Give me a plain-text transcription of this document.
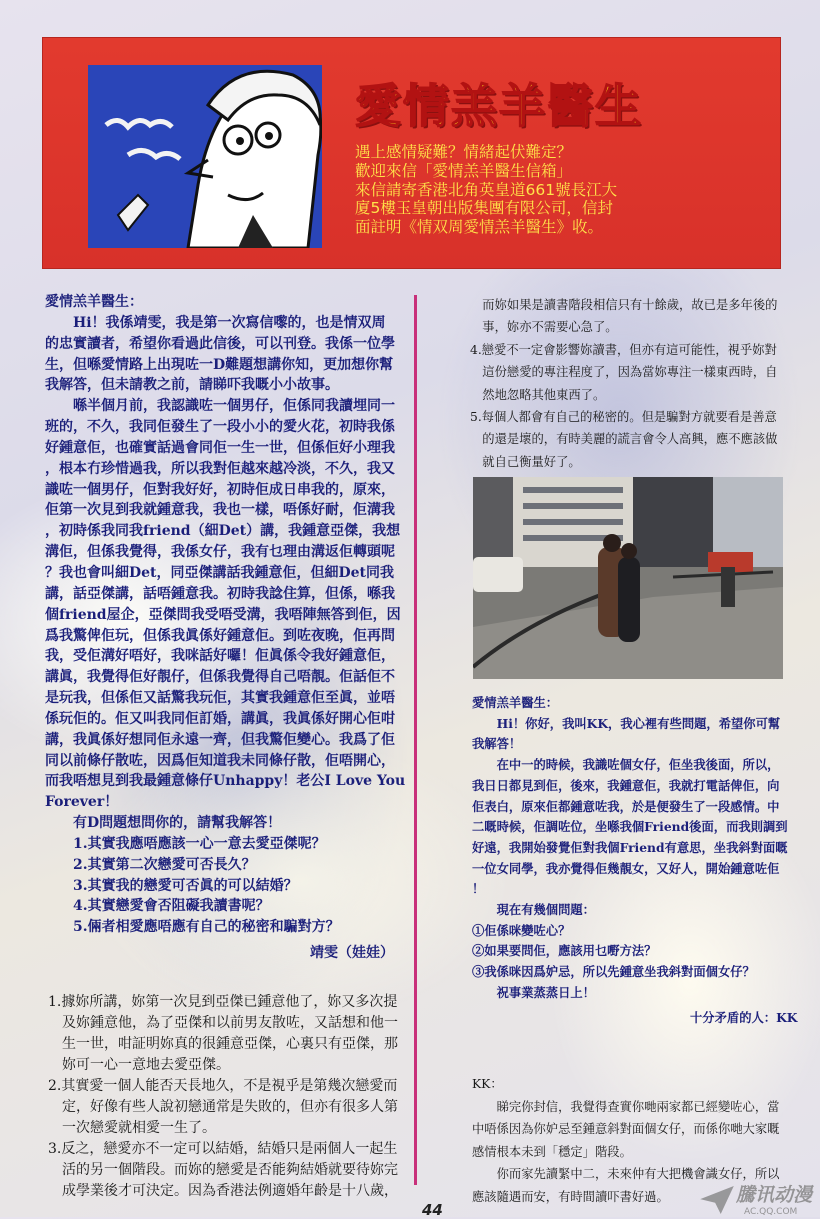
愛情羔羊醫生
遇上感情疑難？情緒起伏難定？
歡迎來信「愛情羔羊醫生信箱」
來信請寄香港北角英皇道661號長江大
廈5樓玉皇朝出版集團有限公司，信封
面註明《情双周愛情羔羊醫生》收。
愛情羔羊醫生：
　　Hi！我係靖雯，我是第一次寫信嚟的，也是情双周
的忠實讀者，希望你看過此信後，可以刊登。我係一位學
生，但喺愛情路上出現咗一D難題想講你知，更加想你幫
我解答，但未請教之前，請睇吓我嘅小小故事。
　　喺半個月前，我認識咗一個男仔，佢係同我讀埋同一
班的，不久，我同佢發生了一段小小的愛火花，初時我係
好鍾意佢，也確實話過會同佢一生一世，但係佢好小理我
，根本冇珍惜過我，所以我對佢越來越冷淡，不久，我又
識咗一個男仔，佢對我好好，初時佢成日串我的，原來，
佢第一次見到我就鍾意我，我也一樣，唔係好耐，佢溝我
，初時係我同我friend（細Det）講，我鍾意亞傑，我想
溝佢，但係我覺得，我係女仔，我有乜理由溝返佢轉頭呢
？我也會叫細Det，同亞傑講話我鍾意佢，但細Det同我
講，話亞傑講，話唔鍾意我。初時我諗住算，但係，喺我
個friend屋企，亞傑問我受唔受溝，我唔陣無答到佢，因
爲我驚俾佢玩，但係我眞係好鍾意佢。到咗夜晚，佢再問
我，受佢溝好唔好，我咪話好囉！佢眞係令我好鍾意佢，
講眞，我覺得佢好靚仔，但係我覺得自己唔靚。佢話佢不
是玩我，但係佢又話驚我玩佢，其實我鍾意佢至眞，並唔
係玩佢的。佢又叫我同佢訂婚，講眞，我眞係好開心佢咁
講，我眞係好想同佢永遠一齊，但我驚佢變心。我爲了佢
同以前條仔散咗，因爲佢知道我未同條仔散，佢唔開心，
而我唔想見到我最鍾意條仔Unhappy！老公I Love You
Forever！
　　有D問題想問你的，請幫我解答！
　　1.其實我應唔應該一心一意去愛亞傑呢？
　　2.其實第二次戀愛可否長久？
　　3.其實我的戀愛可否眞的可以結婚？
　　4.其實戀愛會否阻礙我讀書呢？
　　5.倆者相愛應唔應有自己的秘密和騙對方？
靖雯（娃娃）
1.據妳所講，妳第一次見到亞傑已鍾意他了，妳又多次提
　及妳鍾意他，為了亞傑和以前男友散咗，又話想和他一
　生一世，咁証明妳真的很鍾意亞傑，心裏只有亞傑，那
　妳可一心一意地去愛亞傑。
2.其實愛一個人能否天長地久，不是視乎是第幾次戀愛而
　定，好像有些人說初戀通常是失敗的，但亦有很多人第
　一次戀愛就相愛一生了。
3.反之，戀愛亦不一定可以結婚，結婚只是兩個人一起生
　活的另一個階段。而妳的戀愛是否能夠結婚就要待妳完
　成學業後才可決定。因為香港法例適婚年齡是十八歲，
　而妳如果是讀書階段相信只有十餘歲，故已是多年後的
　事，妳亦不需要心急了。
4.戀愛不一定會影響妳讀書，但亦有這可能性，視乎妳對
　這份戀愛的專注程度了，因為當妳專注一樣東西時，自
　然地忽略其他東西了。
5.每個人都會有自己的秘密的。但是騙對方就要看是善意
　的還是壞的，有時美麗的謊言會令人高興，應不應該做
　就自己衡量好了。
愛情羔羊醫生：
　　Hi！你好，我叫KK，我心裡有些問題，希望你可幫
我解答！
　　在中一的時候，我識咗個女仔，佢坐我後面，所以，
我日日都見到佢，後來，我鍾意佢，我就打電話俾佢，向
佢表白，原來佢都鍾意咗我，於是便發生了一段感情。中
二嘅時候，佢調咗位，坐喺我個Friend後面，而我則調到
好遠，我開始發覺佢對我個Friend有意思，坐我斜對面嘅
一位女同學，我亦覺得佢幾靚女，又好人，開始鍾意咗佢
！
　　現在有幾個問題：
①佢係咪變咗心？
②如果要問佢，應該用乜嘢方法？
③我係咪因爲妒忌，所以先鍾意坐我斜對面個女仔？
　　祝事業蒸蒸日上！
十分矛盾的人：KK
KK：
　　睇完你封信，我覺得查實你哋兩家都已經變咗心，當
中唔係因為你妒忌至鍾意斜對面個女仔，而係你哋大家嘅
感情根本未到「穩定」階段。
　　你而家先讀緊中二，未來仲有大把機會識女仔，所以
應該隨遇而安，有時間讀吓書好過。
44
騰讯动漫
AC.QQ.COM
